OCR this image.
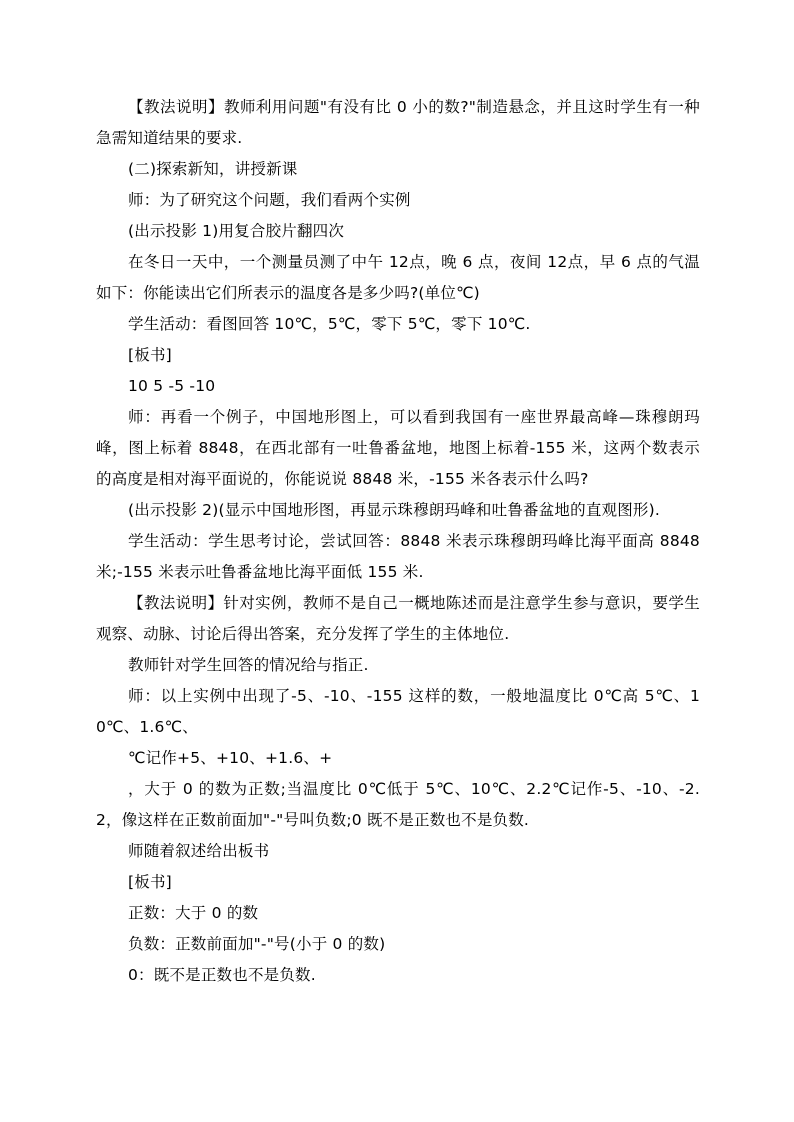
【教法说明】教师利用问题"有没有比 0 小的数?"制造悬念，并且这时学生有一种急需知道结果的要求.

(二)探索新知，讲授新课

师：为了研究这个问题，我们看两个实例

(出示投影 1)用复合胶片翻四次

在冬日一天中，一个测量员测了中午 12点，晚 6 点，夜间 12点，早 6 点的气温如下：你能读出它们所表示的温度各是多少吗?(单位℃)

学生活动：看图回答 10℃，5℃，零下 5℃，零下 10℃.

[板书]

10 5 -5 -10

师：再看一个例子，中国地形图上，可以看到我国有一座世界最高峰—珠穆朗玛峰，图上标着 8848，在西北部有一吐鲁番盆地，地图上标着-155 米，这两个数表示的高度是相对海平面说的，你能说说 8848 米，-155 米各表示什么吗?

(出示投影 2)(显示中国地形图，再显示珠穆朗玛峰和吐鲁番盆地的直观图形).

学生活动：学生思考讨论，尝试回答：8848 米表示珠穆朗玛峰比海平面高 8848米;-155 米表示吐鲁番盆地比海平面低 155 米.

【教法说明】针对实例，教师不是自己一概地陈述而是注意学生参与意识，要学生观察、动脉、讨论后得出答案，充分发挥了学生的主体地位.

教师针对学生回答的情况给与指正.

师：以上实例中出现了-5、-10、-155 这样的数，一般地温度比 0℃高 5℃、10℃、1.6℃、

℃记作+5、+10、+1.6、+

，大于 0 的数为正数;当温度比 0℃低于 5℃、10℃、2.2℃记作-5、-10、-2.2，像这样在正数前面加"-"号叫负数;0 既不是正数也不是负数.

师随着叙述给出板书

[板书]

正数：大于 0 的数

负数：正数前面加"-"号(小于 0 的数)

0：既不是正数也不是负数.
